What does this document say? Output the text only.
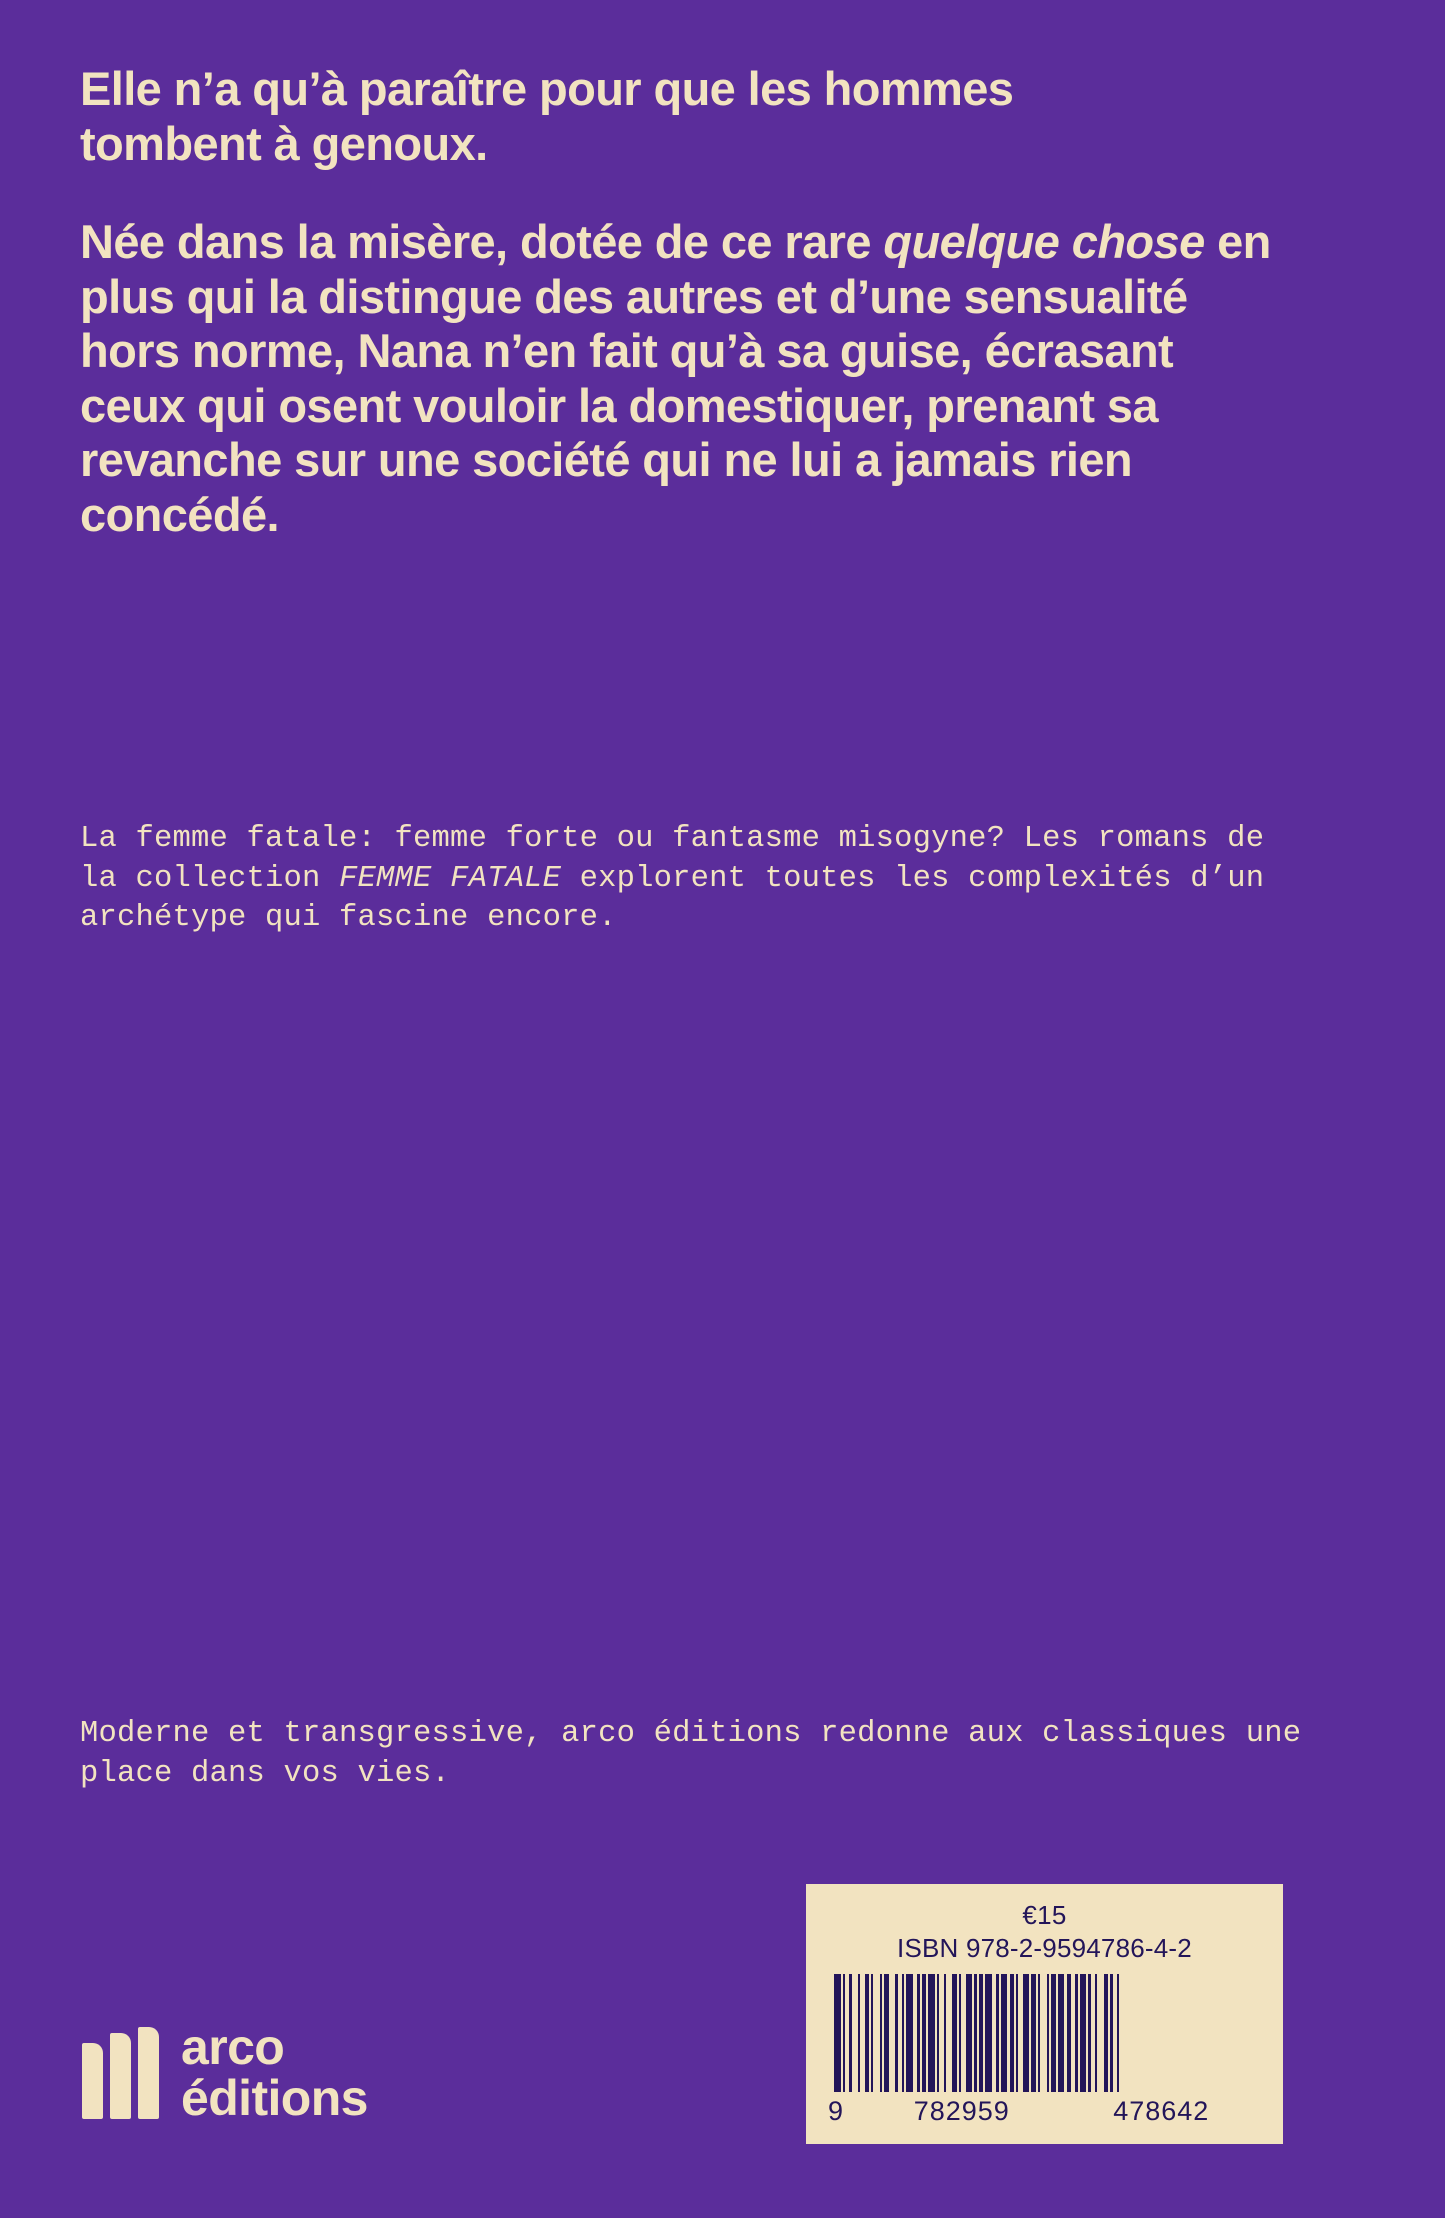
Elle n’a qu’à paraître pour que les hommes tombent à genoux.

Née dans la misère, dotée de ce rare quelque chose en plus qui la distingue des autres et d’une sensualité hors norme, Nana n’en fait qu’à sa guise, écrasant ceux qui osent vouloir la domestiquer, prenant sa revanche sur une société qui ne lui a jamais rien concédé.

La femme fatale: femme forte ou fantasme misogyne? Les romans de la collection FEMME FATALE explorent toutes les complexités d’un archétype qui fascine encore.
Moderne et transgressive, arco éditions redonne aux classiques une place dans vos vies.
arco
éditions
€15
ISBN 978-2-9594786-4-2
9	782959	478642
